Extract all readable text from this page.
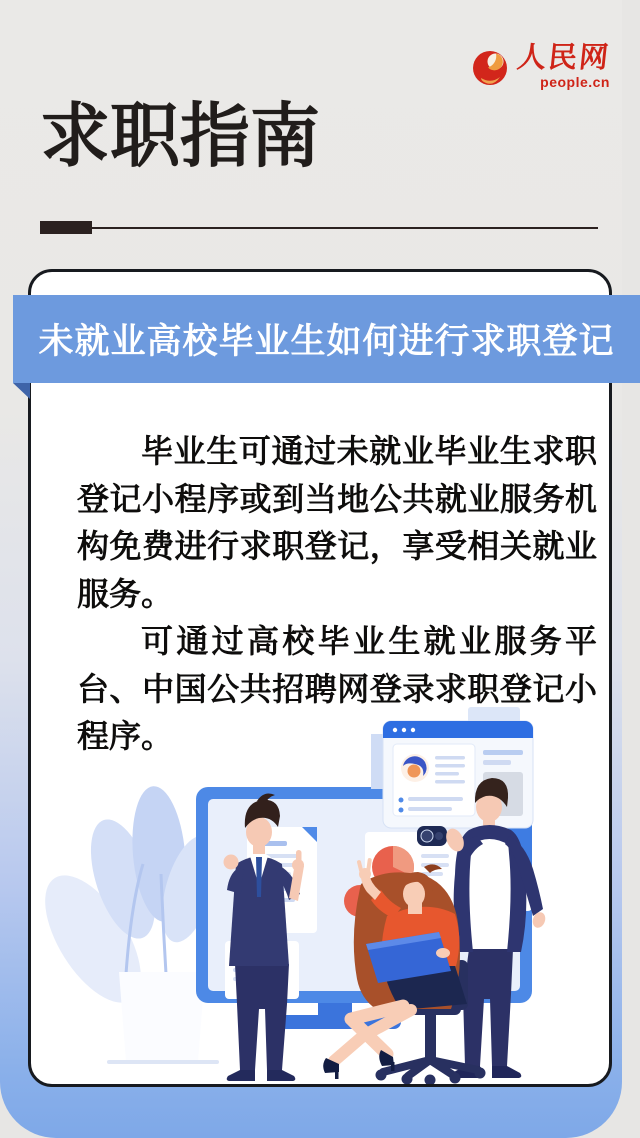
人民网
people.cn
求职指南

毕业生可通过未就业毕业生求职登记小程序或到当地公共就业服务机构免费进行求职登记，享受相关就业服务。

可通过高校毕业生就业服务平台、中国公共招聘网登录求职登记小程序。

未就业高校毕业生如何进行求职登记
